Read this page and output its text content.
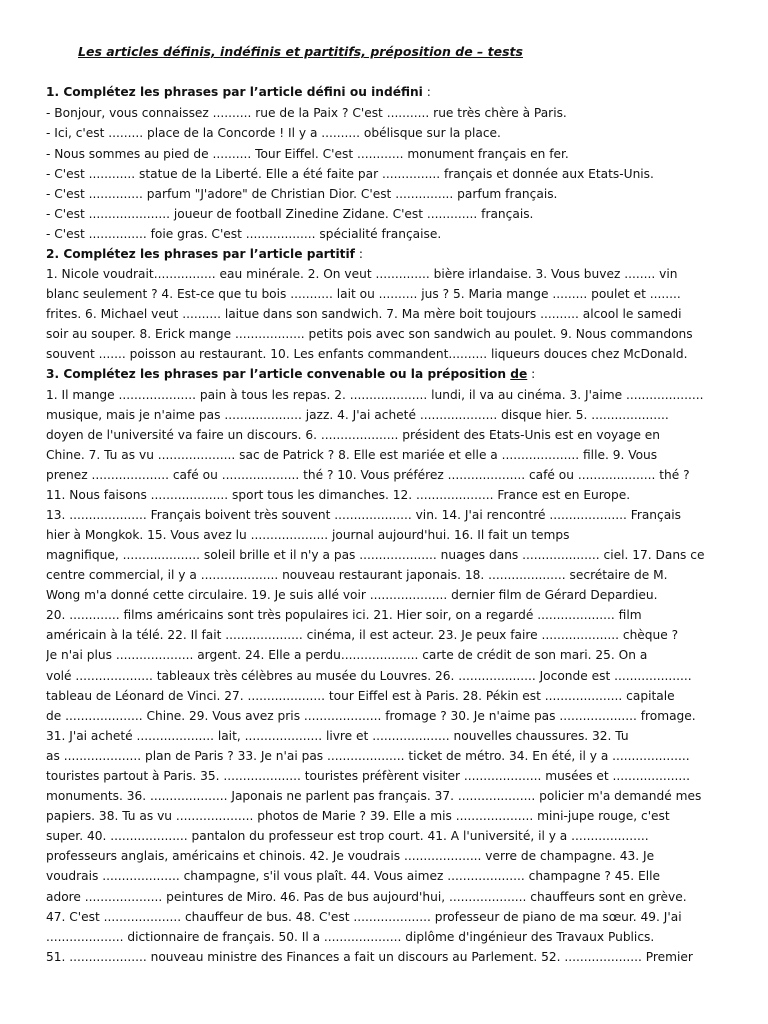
Les articles définis, indéfinis et partitifs, préposition de – tests
1. Complétez les phrases par l’article défini ou indéfini :
- Bonjour, vous connaissez .......... rue de la Paix ? C'est ........... rue très chère à Paris.
- Ici, c'est ......... place de la Concorde ! Il y a .......... obélisque sur la place.
- Nous sommes au pied de .......... Tour Eiffel. C'est ............ monument français en fer.
- C'est ............ statue de la Liberté. Elle a été faite par ............... français et donnée aux Etats-Unis.
- C'est .............. parfum "J'adore" de Christian Dior. C'est ............... parfum français.
- C'est ..................... joueur de football Zinedine Zidane. C'est ............. français.
- C'est ............... foie gras. C'est .................. spécialité française.
2. Complétez les phrases par l’article partitif :
1. Nicole voudrait................ eau minérale. 2. On veut .............. bière irlandaise. 3. Vous buvez ........ vin
blanc seulement ? 4. Est-ce que tu bois ........... lait ou .......... jus ? 5. Maria mange ......... poulet et ........
frites. 6. Michael veut .......... laitue dans son sandwich. 7. Ma mère boit toujours .......... alcool le samedi
soir au souper. 8. Erick mange .................. petits pois avec son sandwich au poulet. 9. Nous commandons
souvent ....... poisson au restaurant. 10. Les enfants commandent.......... liqueurs douces chez McDonald.
3. Complétez les phrases par l’article convenable ou la préposition de :
1. Il mange .................... pain à tous les repas. 2. .................... lundi, il va au cinéma. 3. J'aime ....................
musique, mais je n'aime pas .................... jazz. 4. J'ai acheté .................... disque hier. 5. ....................
doyen de l'université va faire un discours. 6. .................... président des Etats-Unis est en voyage en
Chine. 7. Tu as vu .................... sac de Patrick ? 8. Elle est mariée et elle a .................... fille. 9. Vous
prenez .................... café ou .................... thé ? 10. Vous préférez .................... café ou .................... thé ?
11. Nous faisons .................... sport tous les dimanches. 12. .................... France est en Europe.
13. .................... Français boivent très souvent .................... vin. 14. J'ai rencontré .................... Français
hier à Mongkok. 15. Vous avez lu .................... journal aujourd'hui. 16. Il fait un temps
magnifique, .................... soleil brille et il n'y a pas .................... nuages dans .................... ciel. 17. Dans ce
centre commercial, il y a .................... nouveau restaurant japonais. 18. .................... secrétaire de M.
Wong m'a donné cette circulaire. 19. Je suis allé voir .................... dernier film de Gérard Depardieu.
20. ............. films américains sont très populaires ici. 21. Hier soir, on a regardé .................... film
américain à la télé. 22. Il fait .................... cinéma, il est acteur. 23. Je peux faire .................... chèque ?
Je n'ai plus .................... argent. 24. Elle a perdu.................... carte de crédit de son mari. 25. On a
volé .................... tableaux très célèbres au musée du Louvres. 26. .................... Joconde est ....................
tableau de Léonard de Vinci. 27. .................... tour Eiffel est à Paris. 28. Pékin est .................... capitale
de .................... Chine. 29. Vous avez pris .................... fromage ? 30. Je n'aime pas .................... fromage.
31. J'ai acheté .................... lait, .................... livre et .................... nouvelles chaussures. 32. Tu
as .................... plan de Paris ? 33. Je n'ai pas .................... ticket de métro. 34. En été, il y a ....................
touristes partout à Paris. 35. .................... touristes préfèrent visiter .................... musées et ....................
monuments. 36. .................... Japonais ne parlent pas français. 37. .................... policier m'a demandé mes
papiers. 38. Tu as vu .................... photos de Marie ? 39. Elle a mis .................... mini-jupe rouge, c'est
super. 40. .................... pantalon du professeur est trop court. 41. A l'université, il y a ....................
professeurs anglais, américains et chinois. 42. Je voudrais .................... verre de champagne. 43. Je
voudrais .................... champagne, s'il vous plaît. 44. Vous aimez .................... champagne ? 45. Elle
adore .................... peintures de Miro. 46. Pas de bus aujourd'hui, .................... chauffeurs sont en grève.
47. C'est .................... chauffeur de bus. 48. C'est .................... professeur de piano de ma sœur. 49. J'ai
.................... dictionnaire de français. 50. Il a .................... diplôme d'ingénieur des Travaux Publics.
51. .................... nouveau ministre des Finances a fait un discours au Parlement. 52. .................... Premier
